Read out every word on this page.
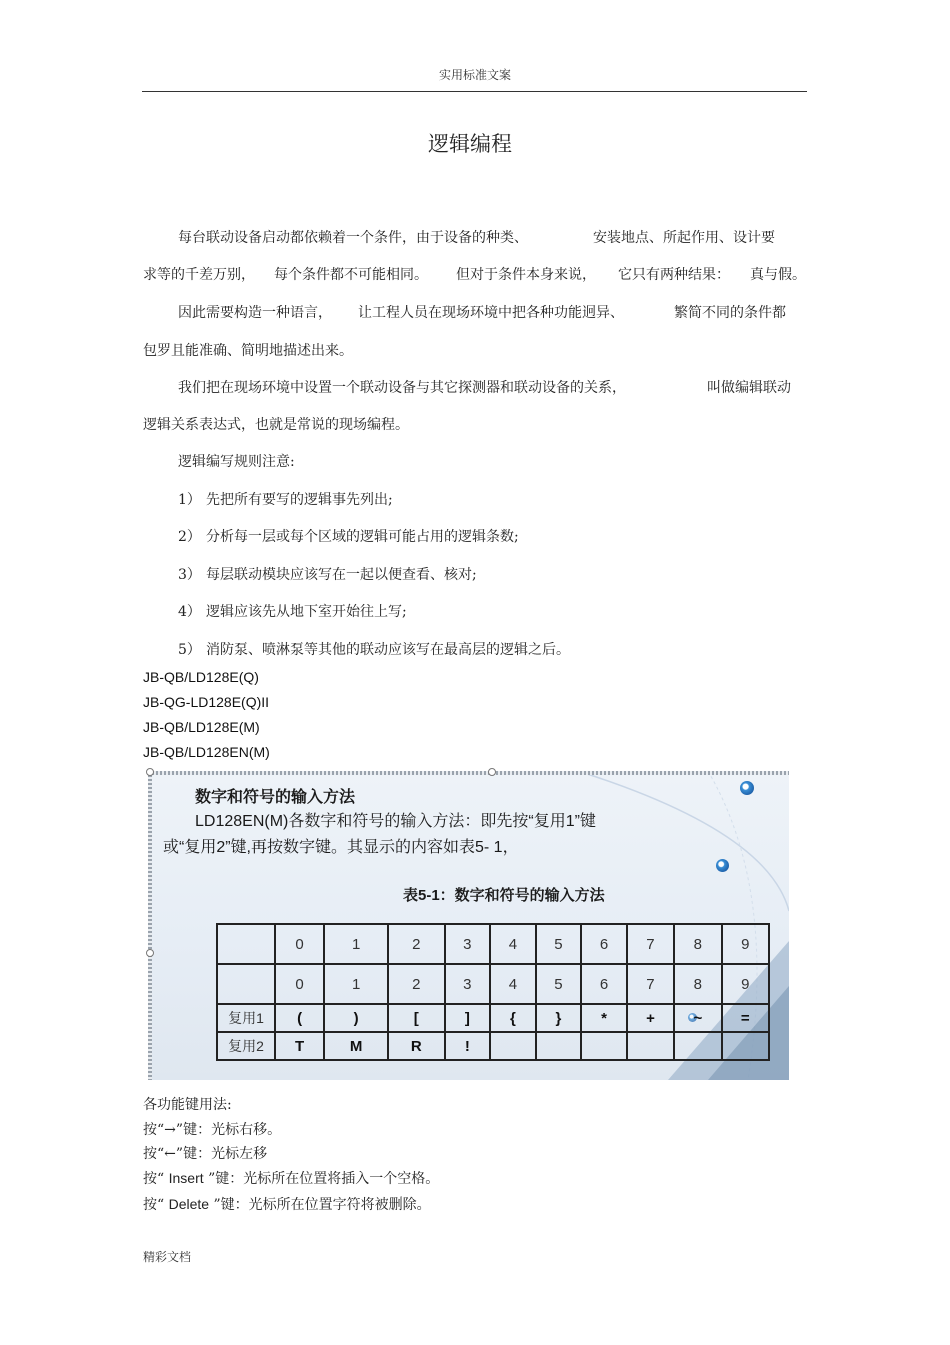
实用标准文案
逻辑编程
每台联动设备启动都依赖着一个条件，由于设备的种类、	安装地点、所起作用、设计要
求等的千差万别， 每个条件都不可能相同。 但对于条件本身来说， 它只有两种结果： 真与假。
因此需要构造一种语言， 让工程人员在现场环境中把各种功能迥异、	繁简不同的条件都
包罗且能准确、简明地描述出来。
我们把在现场环境中设置一个联动设备与其它探测器和联动设备的关系，	叫做编辑联动
逻辑关系表达式，也就是常说的现场编程。
逻辑编写规则注意:
1） 先把所有要写的逻辑事先列出;
2） 分析每一层或每个区域的逻辑可能占用的逻辑条数;
3） 每层联动模块应该写在一起以便查看、核对;
4） 逻辑应该先从地下室开始往上写;
5） 消防泵、喷淋泵等其他的联动应该写在最高层的逻辑之后。
JB-QB/LD128E(Q)
JB-QG-LD128E(Q)II
JB-QB/LD128E(M)
JB-QB/LD128EN(M)
数字和符号的输入方法
LD128EN(M)各数字和符号的输入方法：即先按“复用1”键
或“复用2”键,再按数字键。其显示的内容如表5- 1，
表5-1：数字和符号的输入方法
	0	1	2	3	4	5	6	7	8	9
	0	1	2	3	4	5	6	7	8	9
复用1	(	)	[	]	{	}	*	+	~	=
复用2	T	M	R	!						
各功能键用法:
按“→”键：光标右移。
按“←”键：光标左移
按“ Insert ”键：光标所在位置将插入一个空格。
按“ Delete ”键：光标所在位置字符将被删除。
精彩文档
